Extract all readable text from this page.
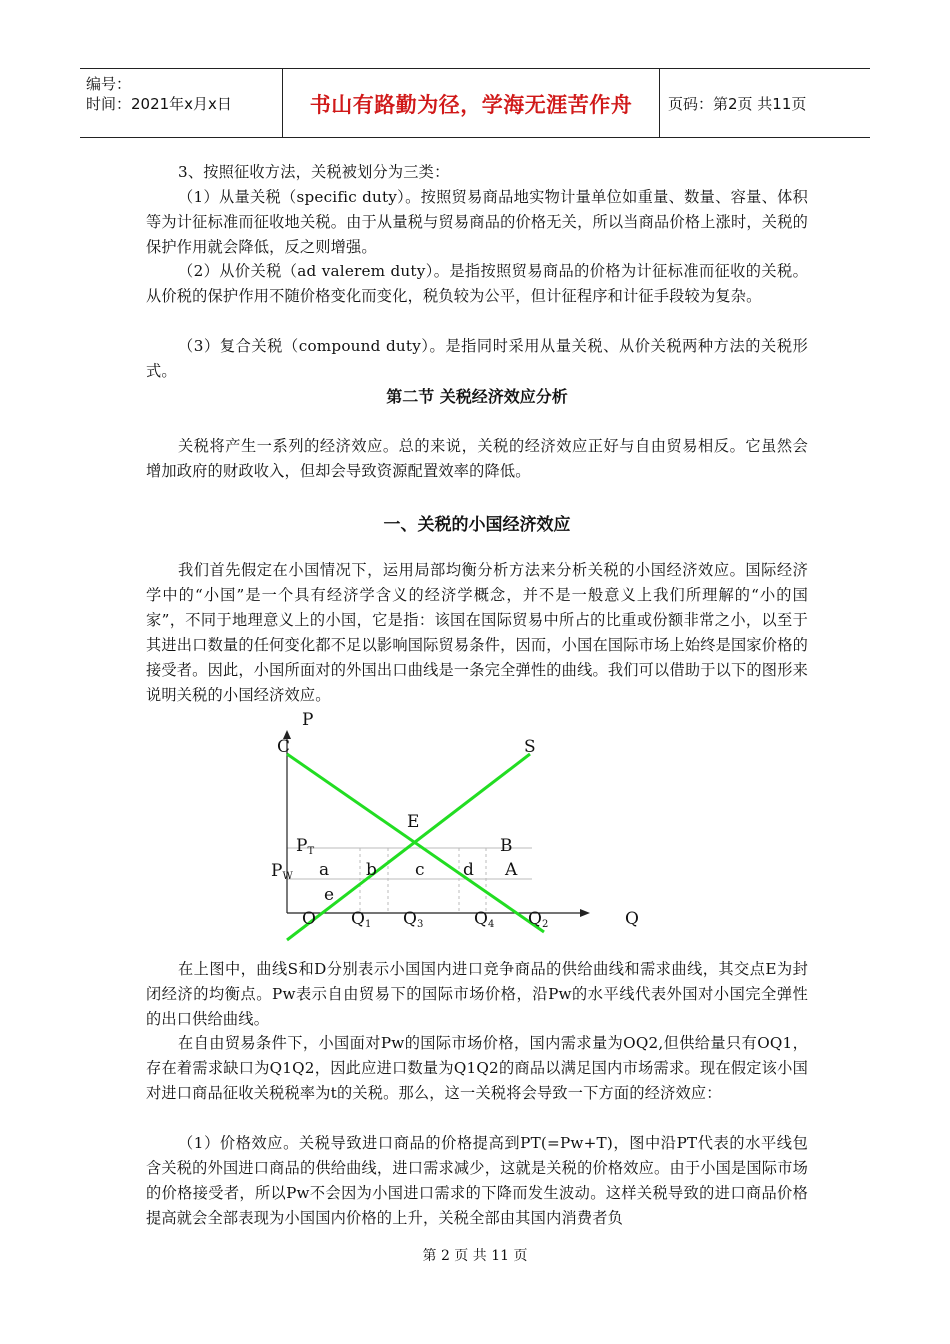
编号：
时间：2021年x月x日	书山有路勤为径，学海无涯苦作舟	页码：第2页 共11页

3、按照征收方法，关税被划分为三类：

（1）从量关税（specific duty）。按照贸易商品地实物计量单位如重量、数量、容量、体积等为计征标准而征收地关税。由于从量税与贸易商品的价格无关，所以当商品价格上涨时，关税的保护作用就会降低，反之则增强。

（2）从价关税（ad valerem duty）。是指按照贸易商品的价格为计征标准而征收的关税。从价税的保护作用不随价格变化而变化，税负较为公平，但计征程序和计征手段较为复杂。

（3）复合关税（compound duty）。是指同时采用从量关税、从价关税两种方法的关税形式。

第二节 关税经济效应分析

关税将产生一系列的经济效应。总的来说，关税的经济效应正好与自由贸易相反。它虽然会增加政府的财政收入，但却会导致资源配置效率的降低。

一、关税的小国经济效应

我们首先假定在小国情况下，运用局部均衡分析方法来分析关税的小国经济效应。国际经济学中的“小国”是一个具有经济学含义的经济学概念，并不是一般意义上我们所理解的“小的国家”，不同于地理意义上的小国，它是指：该国在国际贸易中所占的比重或份额非常之小，以至于其进出口数量的任何变化都不足以影响国际贸易条件，因而，小国在国际市场上始终是国家价格的接受者。因此，小国所面对的外国出口曲线是一条完全弹性的曲线。我们可以借助于以下的图形来说明关税的小国经济效应。

P
C	S
E
B
PT
PW a b c d A
e
O Q1 Q3	Q4 Q2	Q

在上图中，曲线S和D分别表示小国国内进口竞争商品的供给曲线和需求曲线，其交点E为封闭经济的均衡点。Pw表示自由贸易下的国际市场价格，沿Pw的水平线代表外国对小国完全弹性的出口供给曲线。

在自由贸易条件下，小国面对Pw的国际市场价格，国内需求量为OQ2,但供给量只有OQ1，存在着需求缺口为Q1Q2，因此应进口数量为Q1Q2的商品以满足国内市场需求。现在假定该小国对进口商品征收关税税率为t的关税。那么，这一关税将会导致一下方面的经济效应：

（1）价格效应。关税导致进口商品的价格提高到PT(=Pw+T)，图中沿PT代表的水平线包含关税的外国进口商品的供给曲线，进口需求减少，这就是关税的价格效应。由于小国是国际市场的价格接受者，所以Pw不会因为小国进口需求的下降而发生波动。这样关税导致的进口商品价格提高就会全部表现为小国国内价格的上升，关税全部由其国内消费者负

第 2 页 共 11 页
